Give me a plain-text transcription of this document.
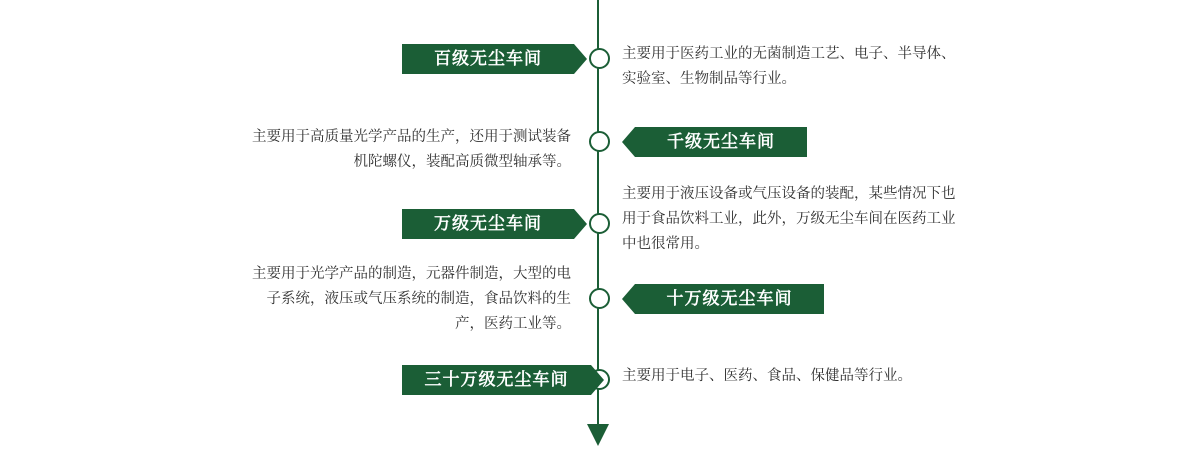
百级无尘车间	主要用于医药工业的无菌制造工艺、电子、半导体、实验室、生物制品等行业。
千级无尘车间
主要用于高质量光学产品的生产，还用于测试装备机陀螺仪，装配高质微型轴承等。
万级无尘车间
主要用于液压设备或气压设备的装配，某些情况下也用于食品饮料工业，此外，万级无尘车间在医药工业中也很常用。
十万级无尘车间
主要用于光学产品的制造，元器件制造，大型的电子系统，液压或气压系统的制造，食品饮料的生产，医药工业等。
三十万级无尘车间	主要用于电子、医药、食品、保健品等行业。
